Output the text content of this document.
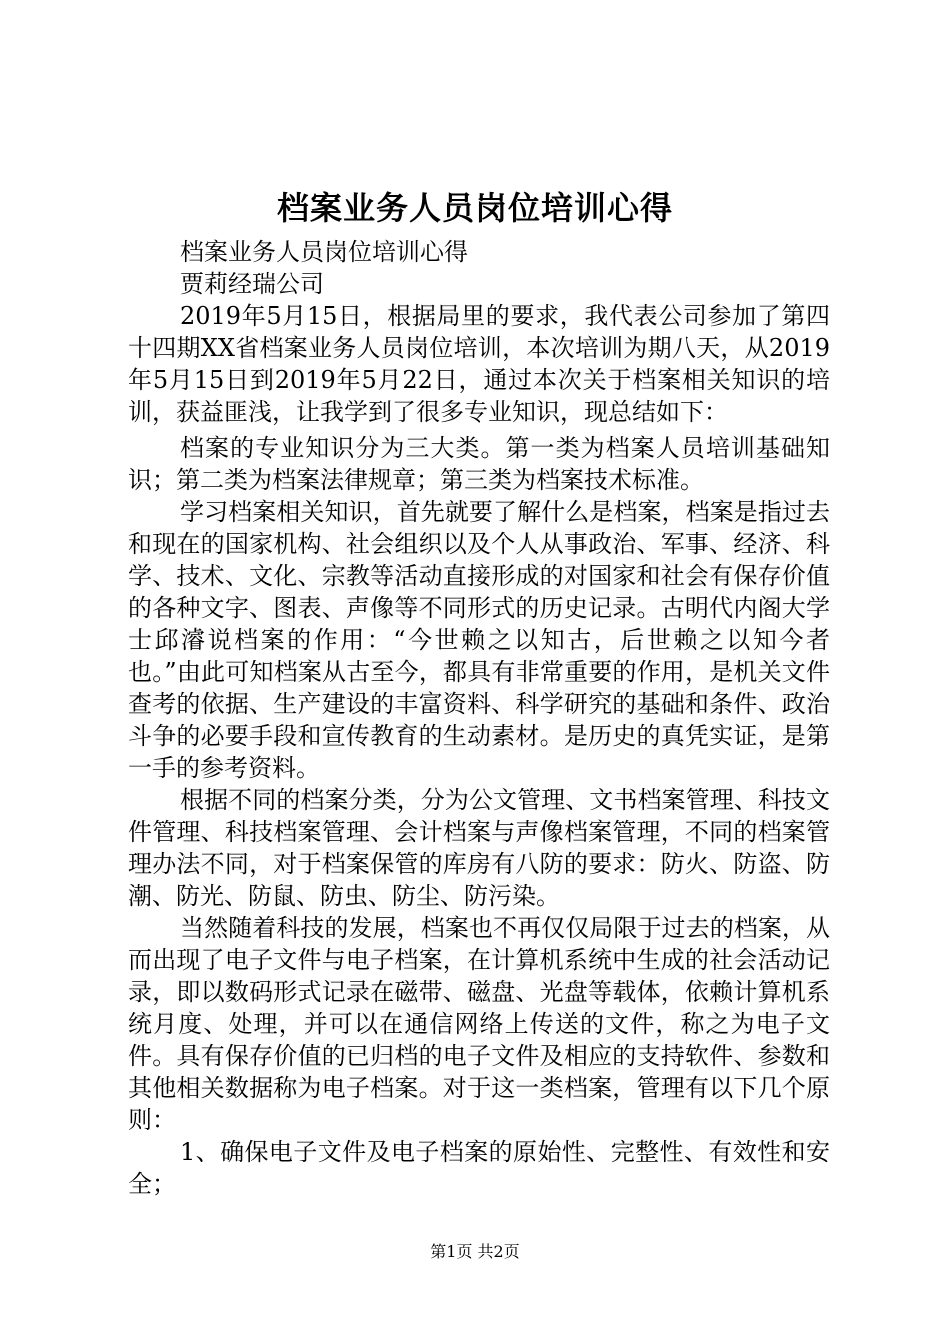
档案业务人员岗位培训心得

档案业务人员岗位培训心得

贾莉经瑞公司

2019年5月15日，根据局里的要求，我代表公司参加了第四十四期XX省档案业务人员岗位培训，本次培训为期八天，从2019年5月15日到2019年5月22日，通过本次关于档案相关知识的培训，获益匪浅，让我学到了很多专业知识，现总结如下：

档案的专业知识分为三大类。第一类为档案人员培训基础知识；第二类为档案法律规章；第三类为档案技术标准。

学习档案相关知识，首先就要了解什么是档案，档案是指过去和现在的国家机构、社会组织以及个人从事政治、军事、经济、科学、技术、文化、宗教等活动直接形成的对国家和社会有保存价值的各种文字、图表、声像等不同形式的历史记录。古明代内阁大学士邱濬说档案的作用：“今世赖之以知古，后世赖之以知今者也。”由此可知档案从古至今，都具有非常重要的作用，是机关文件查考的依据、生产建设的丰富资料、科学研究的基础和条件、政治斗争的必要手段和宣传教育的生动素材。是历史的真凭实证，是第一手的参考资料。

根据不同的档案分类，分为公文管理、文书档案管理、科技文件管理、科技档案管理、会计档案与声像档案管理，不同的档案管理办法不同，对于档案保管的库房有八防的要求：防火、防盗、防潮、防光、防鼠、防虫、防尘、防污染。

当然随着科技的发展，档案也不再仅仅局限于过去的档案，从而出现了电子文件与电子档案，在计算机系统中生成的社会活动记录，即以数码形式记录在磁带、磁盘、光盘等载体，依赖计算机系统月度、处理，并可以在通信网络上传送的文件，称之为电子文件。具有保存价值的已归档的电子文件及相应的支持软件、参数和其他相关数据称为电子档案。对于这一类档案，管理有以下几个原则：

1、确保电子文件及电子档案的原始性、完整性、有效性和安全；

第1页 共2页
